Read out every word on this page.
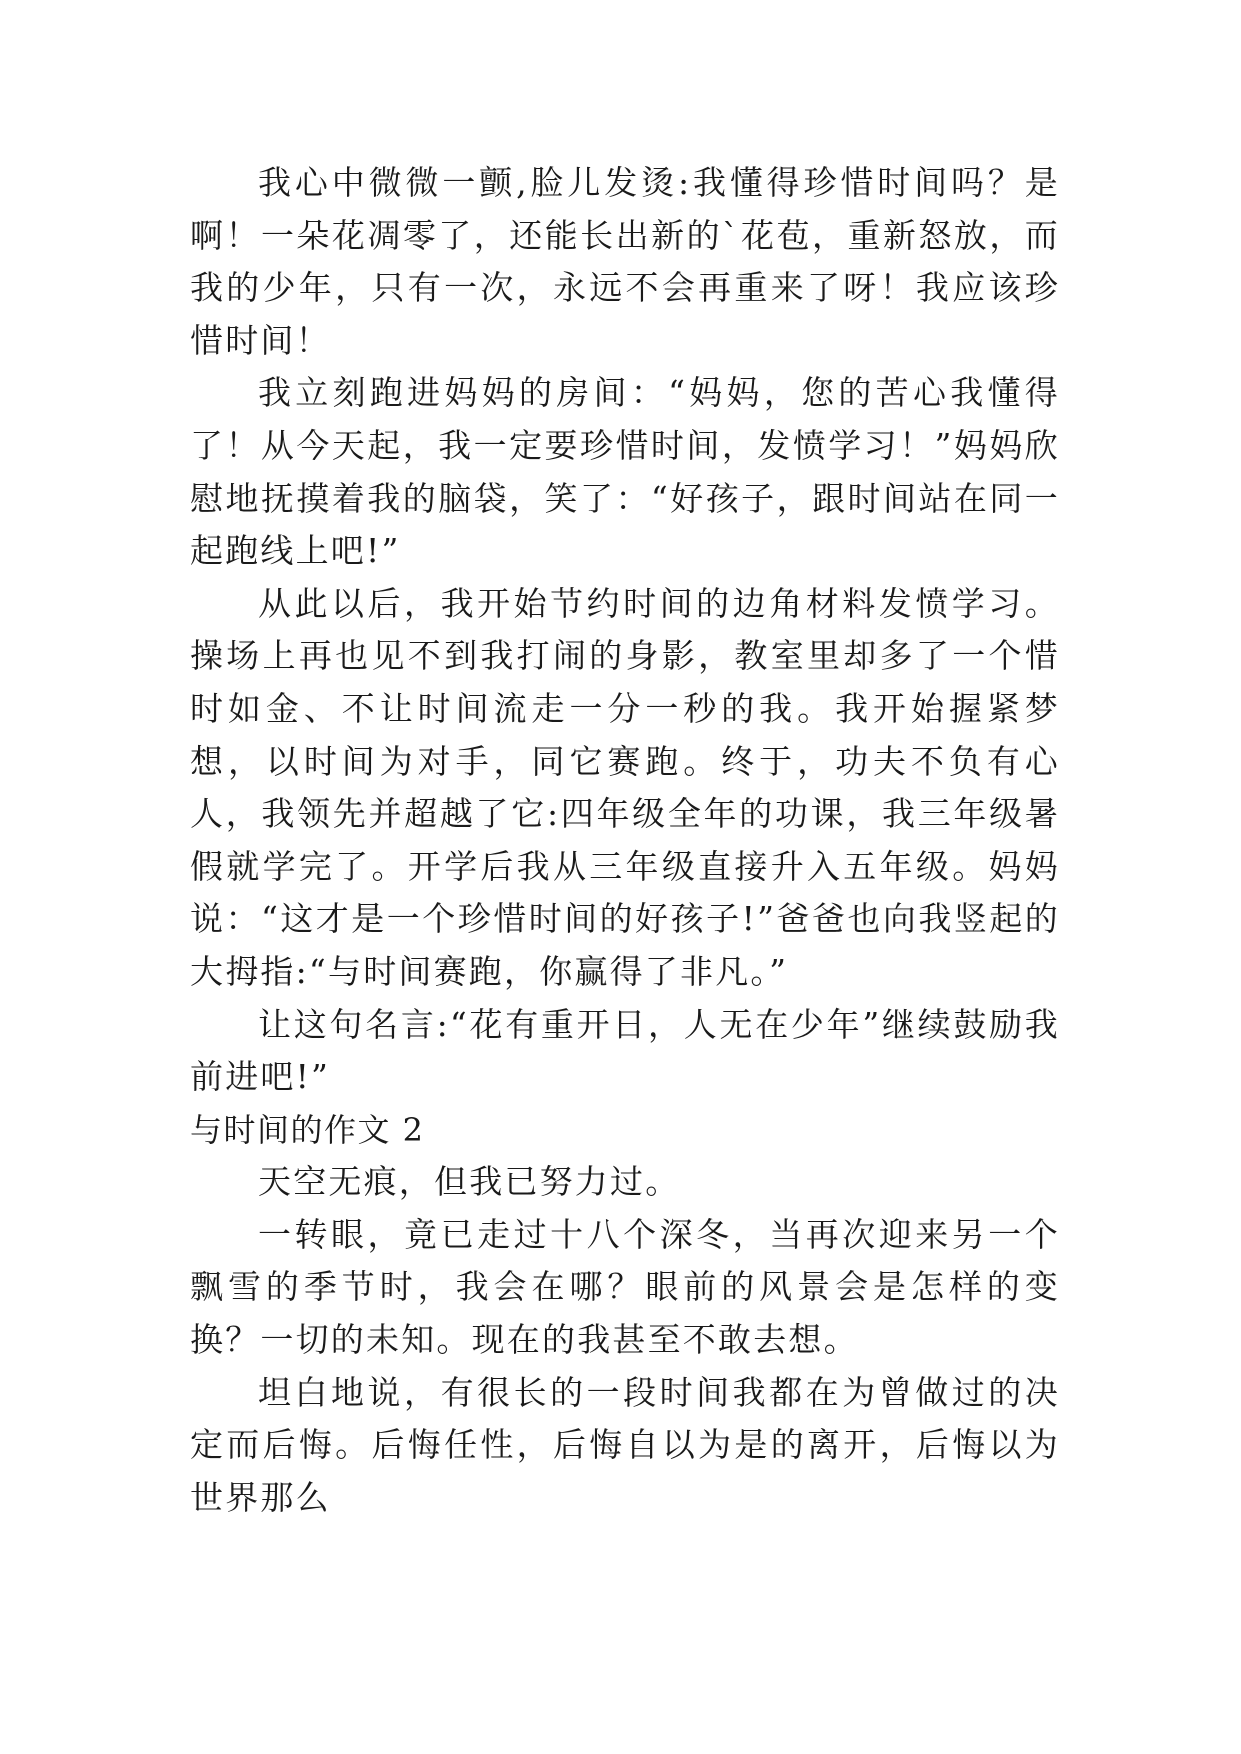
我心中微微一颤,脸儿发烫:我懂得珍惜时间吗？是啊！一朵花凋零了，还能长出新的`花苞，重新怒放，而我的少年，只有一次，永远不会再重来了呀！我应该珍惜时间！

我立刻跑进妈妈的房间：“妈妈，您的苦心我懂得了！从今天起，我一定要珍惜时间，发愤学习！”妈妈欣慰地抚摸着我的脑袋，笑了：“好孩子，跟时间站在同一起跑线上吧!”

从此以后，我开始节约时间的边角材料发愤学习。操场上再也见不到我打闹的身影，教室里却多了一个惜时如金、不让时间流走一分一秒的我。我开始握紧梦想，以时间为对手，同它赛跑。终于，功夫不负有心人，我领先并超越了它:四年级全年的功课，我三年级暑假就学完了。开学后我从三年级直接升入五年级。妈妈说：“这才是一个珍惜时间的好孩子!”爸爸也向我竖起的大拇指:“与时间赛跑，你赢得了非凡。”

让这句名言:“花有重开日，人无在少年”继续鼓励我前进吧!”

与时间的作文 2

天空无痕，但我已努力过。

一转眼，竟已走过十八个深冬，当再次迎来另一个飘雪的季节时，我会在哪？眼前的风景会是怎样的变换？一切的未知。现在的我甚至不敢去想。

坦白地说，有很长的一段时间我都在为曾做过的决定而后悔。后悔任性，后悔自以为是的离开，后悔以为世界那么
